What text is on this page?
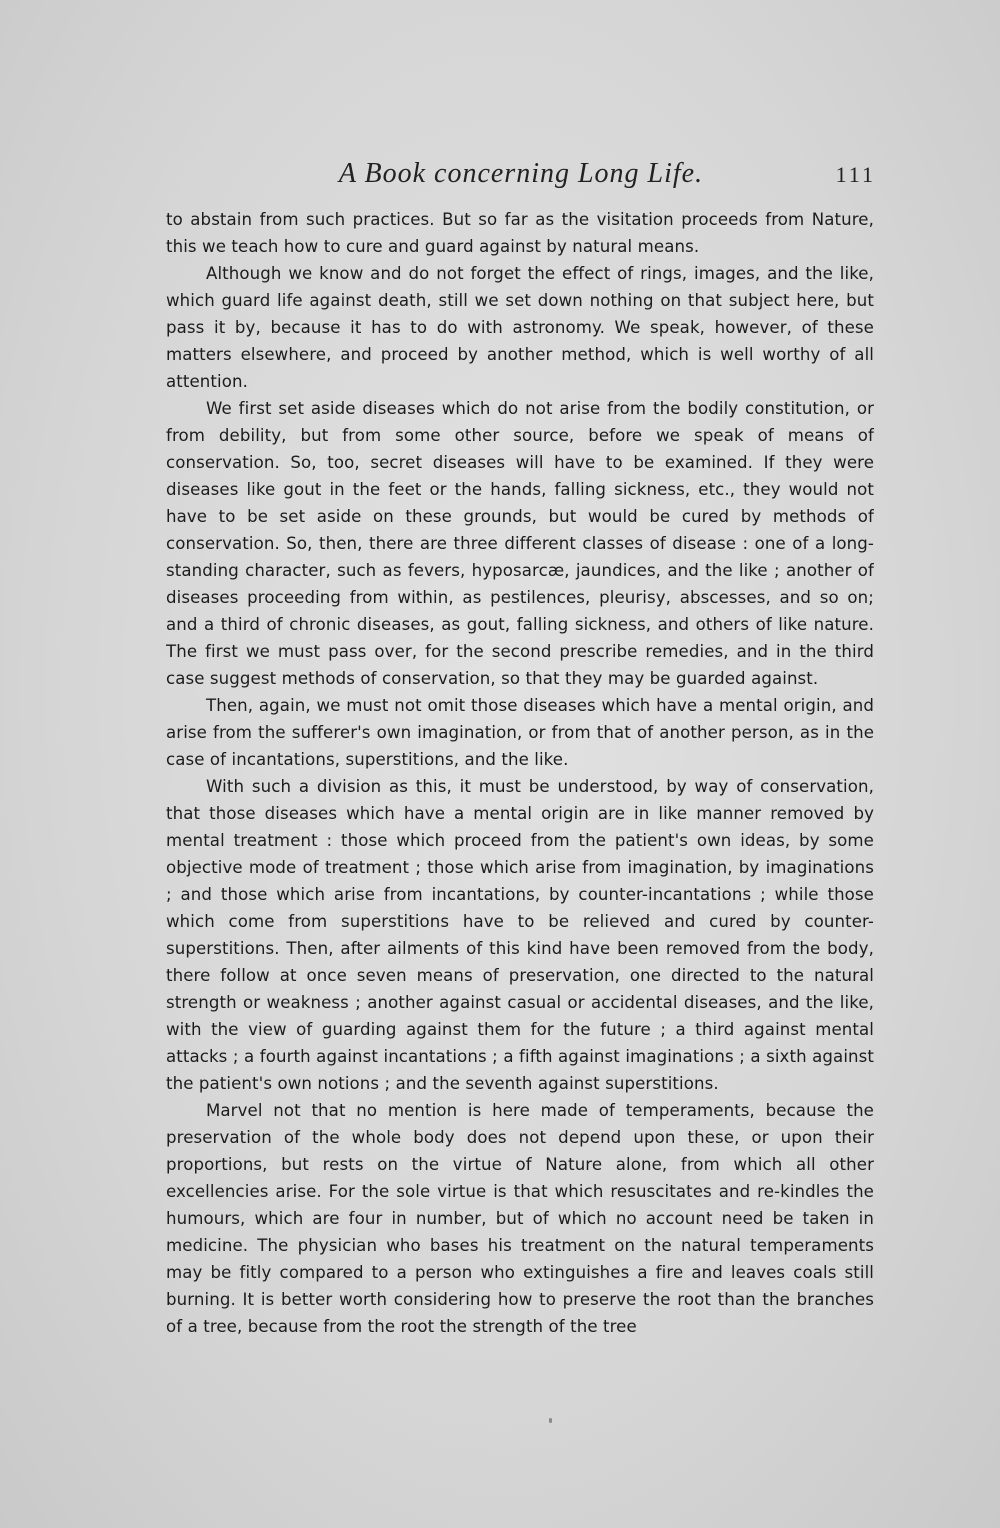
A Book concerning Long Life.	111

to abstain from such practices. But so far as the visitation proceeds from Nature, this we teach how to cure and guard against by natural means.

Although we know and do not forget the effect of rings, images, and the like, which guard life against death, still we set down nothing on that subject here, but pass it by, because it has to do with astronomy. We speak, however, of these matters elsewhere, and proceed by another method, which is well worthy of all attention.

We first set aside diseases which do not arise from the bodily constitution, or from debility, but from some other source, before we speak of means of conservation. So, too, secret diseases will have to be examined. If they were diseases like gout in the feet or the hands, falling sickness, etc., they would not have to be set aside on these grounds, but would be cured by methods of conservation. So, then, there are three different classes of disease : one of a long-standing character, such as fevers, hyposarcæ, jaundices, and the like ; another of diseases proceeding from within, as pestilences, pleurisy, abscesses, and so on; and a third of chronic diseases, as gout, falling sickness, and others of like nature. The first we must pass over, for the second prescribe remedies, and in the third case suggest methods of conservation, so that they may be guarded against.

Then, again, we must not omit those diseases which have a mental origin, and arise from the sufferer's own imagination, or from that of another person, as in the case of incantations, superstitions, and the like.

With such a division as this, it must be understood, by way of conservation, that those diseases which have a mental origin are in like manner removed by mental treatment : those which proceed from the patient's own ideas, by some objective mode of treatment ; those which arise from imagination, by imaginations ; and those which arise from incantations, by counter-incantations ; while those which come from superstitions have to be relieved and cured by counter-superstitions. Then, after ailments of this kind have been removed from the body, there follow at once seven means of preservation, one directed to the natural strength or weakness ; another against casual or accidental diseases, and the like, with the view of guarding against them for the future ; a third against mental attacks ; a fourth against incantations ; a fifth against imaginations ; a sixth against the patient's own notions ; and the seventh against superstitions.

Marvel not that no mention is here made of temperaments, because the preservation of the whole body does not depend upon these, or upon their proportions, but rests on the virtue of Nature alone, from which all other excellencies arise. For the sole virtue is that which resuscitates and re-kindles the humours, which are four in number, but of which no account need be taken in medicine. The physician who bases his treatment on the natural temperaments may be fitly compared to a person who extinguishes a fire and leaves coals still burning. It is better worth considering how to preserve the root than the branches of a tree, because from the root the strength of the tree
